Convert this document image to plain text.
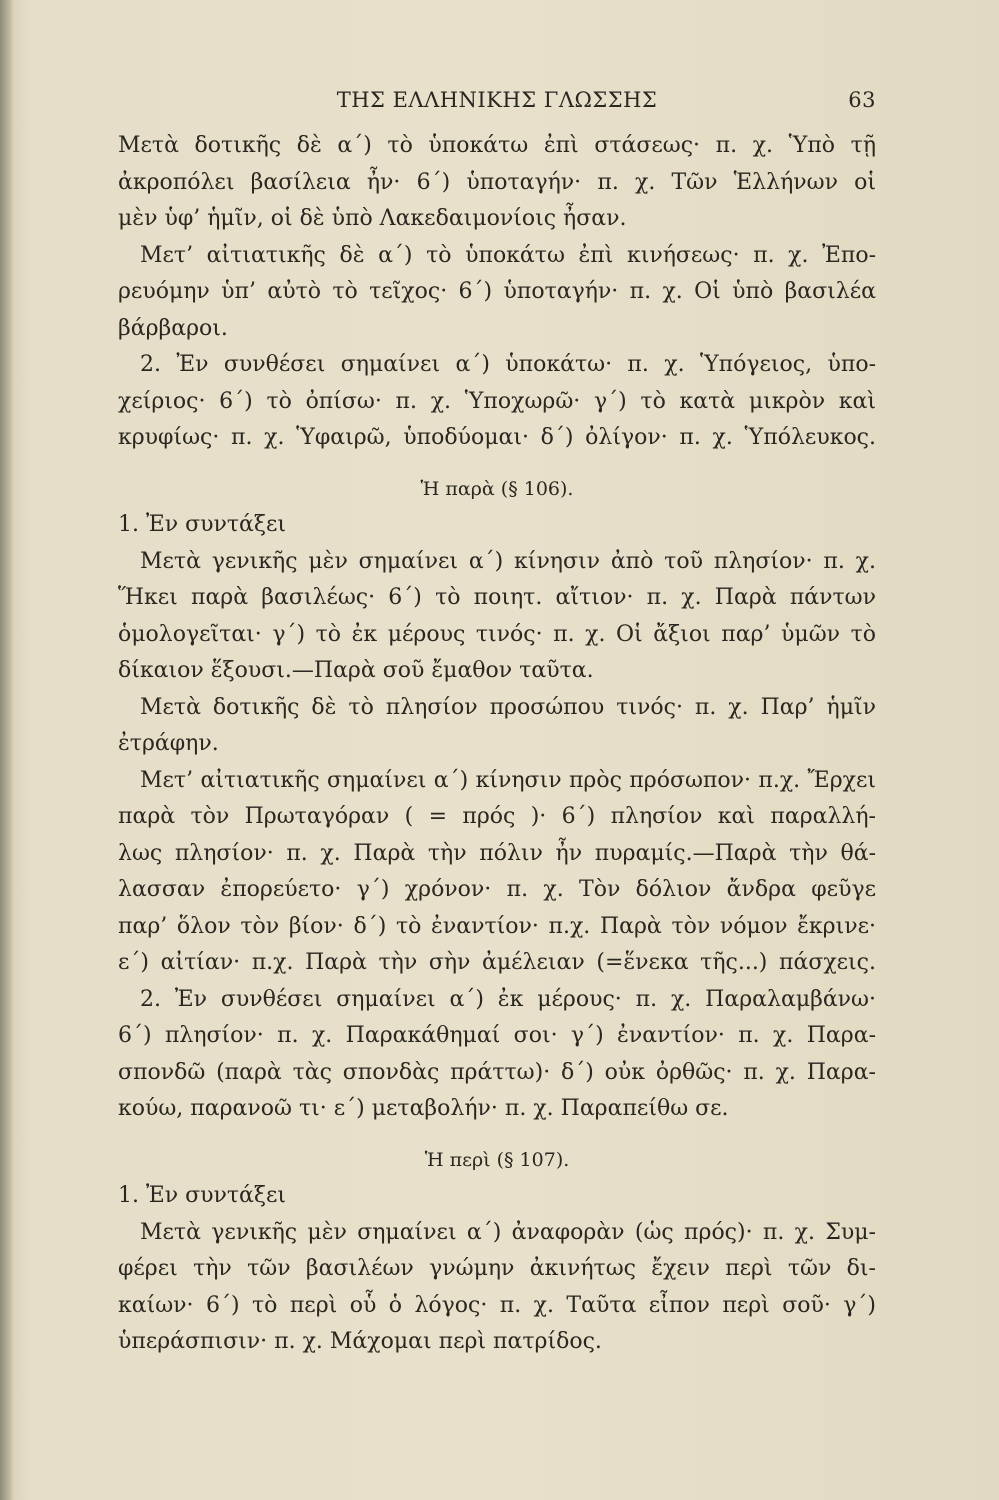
ΤΗΣ ΕΛΛΗΝΙΚΗΣ ΓΛΩΣΣΗΣ	63
Μετὰ δοτικῆς δὲ α΄) τὸ ὑποκάτω ἐπὶ στάσεως· π. χ. Ὑπὸ τῇ
ἀκροπόλει βασίλεια ἦν· 6΄) ὑποταγήν· π. χ. Τῶν Ἑλλήνων οἱ
μὲν ὑφ’ ἡμῖν, οἱ δὲ ὑπὸ Λακεδαιμονίοις ἦσαν.
Μετ’ αἰτιατικῆς δὲ α΄) τὸ ὑποκάτω ἐπὶ κινήσεως· π. χ. Ἐπο-
ρευόμην ὑπ’ αὐτὸ τὸ τεῖχος· 6΄) ὑποταγήν· π. χ. Οἱ ὑπὸ βασιλέα
βάρβαροι.
2. Ἐν συνθέσει σημαίνει α΄) ὑποκάτω· π. χ. Ὑπόγειος, ὑπο-
χείριος· 6΄) τὸ ὀπίσω· π. χ. Ὑποχωρῶ· γ΄) τὸ κατὰ μικρὸν καὶ
κρυφίως· π. χ. Ὑφαιρῶ, ὑποδύομαι· δ΄) ὀλίγον· π. χ. Ὑπόλευκος.
Ἡ παρὰ (§ 106).
1. Ἐν συντάξει
Μετὰ γενικῆς μὲν σημαίνει α΄) κίνησιν ἀπὸ τοῦ πλησίον· π. χ.
Ἥκει παρὰ βασιλέως· 6΄) τὸ ποιητ. αἴτιον· π. χ. Παρὰ πάντων
ὁμολογεῖται· γ΄) τὸ ἐκ μέρους τινός· π. χ. Οἱ ἄξιοι παρ’ ὑμῶν τὸ
δίκαιον ἕξουσι.—Παρὰ σοῦ ἔμαθον ταῦτα.
Μετὰ δοτικῆς δὲ τὸ πλησίον προσώπου τινός· π. χ. Παρ’ ἡμῖν
ἐτράφην.
Μετ’ αἰτιατικῆς σημαίνει α΄) κίνησιν πρὸς πρόσωπον· π.χ. Ἔρχει
παρὰ τὸν Πρωταγόραν ( = πρός )· 6΄) πλησίον καὶ παραλλή-
λως πλησίον· π. χ. Παρὰ τὴν πόλιν ἦν πυραμίς.—Παρὰ τὴν θά-
λασσαν ἐπορεύετο· γ΄) χρόνον· π. χ. Τὸν δόλιον ἄνδρα φεῦγε
παρ’ ὅλον τὸν βίον· δ΄) τὸ ἐναντίον· π.χ. Παρὰ τὸν νόμον ἔκρινε·
ε΄) αἰτίαν· π.χ. Παρὰ τὴν σὴν ἀμέλειαν (=ἕνεκα τῆς...) πάσχεις.
2. Ἐν συνθέσει σημαίνει α΄) ἐκ μέρους· π. χ. Παραλαμβάνω·
6΄) πλησίον· π. χ. Παρακάθημαί σοι· γ΄) ἐναντίον· π. χ. Παρα-
σπονδῶ (παρὰ τὰς σπονδὰς πράττω)· δ΄) οὐκ ὀρθῶς· π. χ. Παρα-
κούω, παρανοῶ τι· ε΄) μεταβολήν· π. χ. Παραπείθω σε.
Ἡ περὶ (§ 107).
1. Ἐν συντάξει
Μετὰ γενικῆς μὲν σημαίνει α΄) ἀναφορὰν (ὡς πρός)· π. χ. Συμ-
φέρει τὴν τῶν βασιλέων γνώμην ἀκινήτως ἔχειν περὶ τῶν δι-
καίων· 6΄) τὸ περὶ οὗ ὁ λόγος· π. χ. Ταῦτα εἶπον περὶ σοῦ· γ΄)
ὑπεράσπισιν· π. χ. Μάχομαι περὶ πατρίδος.
